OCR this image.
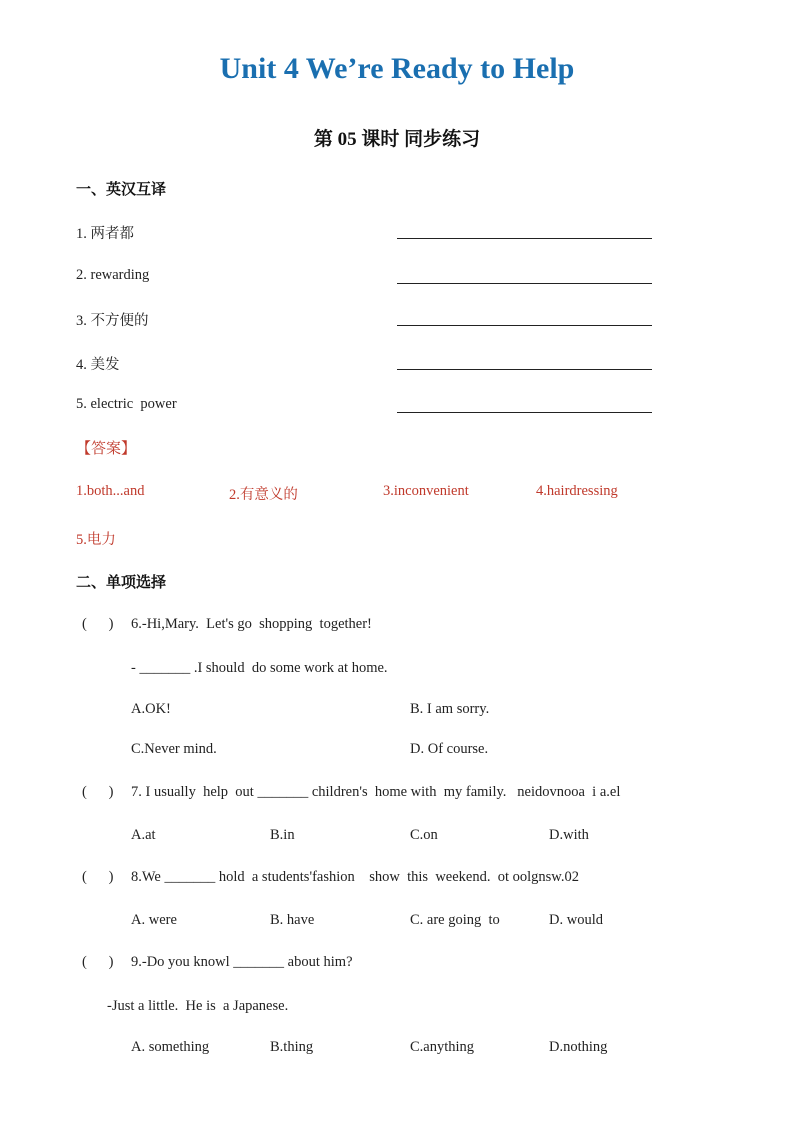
Unit 4 We’re Ready to Help
第 05 课时 同步练习
一、英汉互译
1. 两者都
2. rewarding
3. 不方便的
4. 美发
5. electric  power
【答案】
1.both...and	2.有意义的	3.inconvenient	4.hairdressing
5.电力
二、单项选择
(      ) 6.-Hi,Mary.  Let's go  shopping  together!
- _______ .I should  do some work at home.
A.OK!	B. I am sorry.
C.Never mind.	D. Of course.
(      ) 7. I usually  help  out _______ children's  home with  my family.   neidovnooa  i a.el
A.at	B.in	C.on	D.with
(      ) 8.We _______ hold  a students'fashion    show  this  weekend.  ot oolgnsw.02
A. were	B. have	C. are going  to	D. would
(      ) 9.-Do you knowl _______ about him?
-Just a little.  He is  a Japanese.
A. something	B.thing	C.anything	D.nothing
